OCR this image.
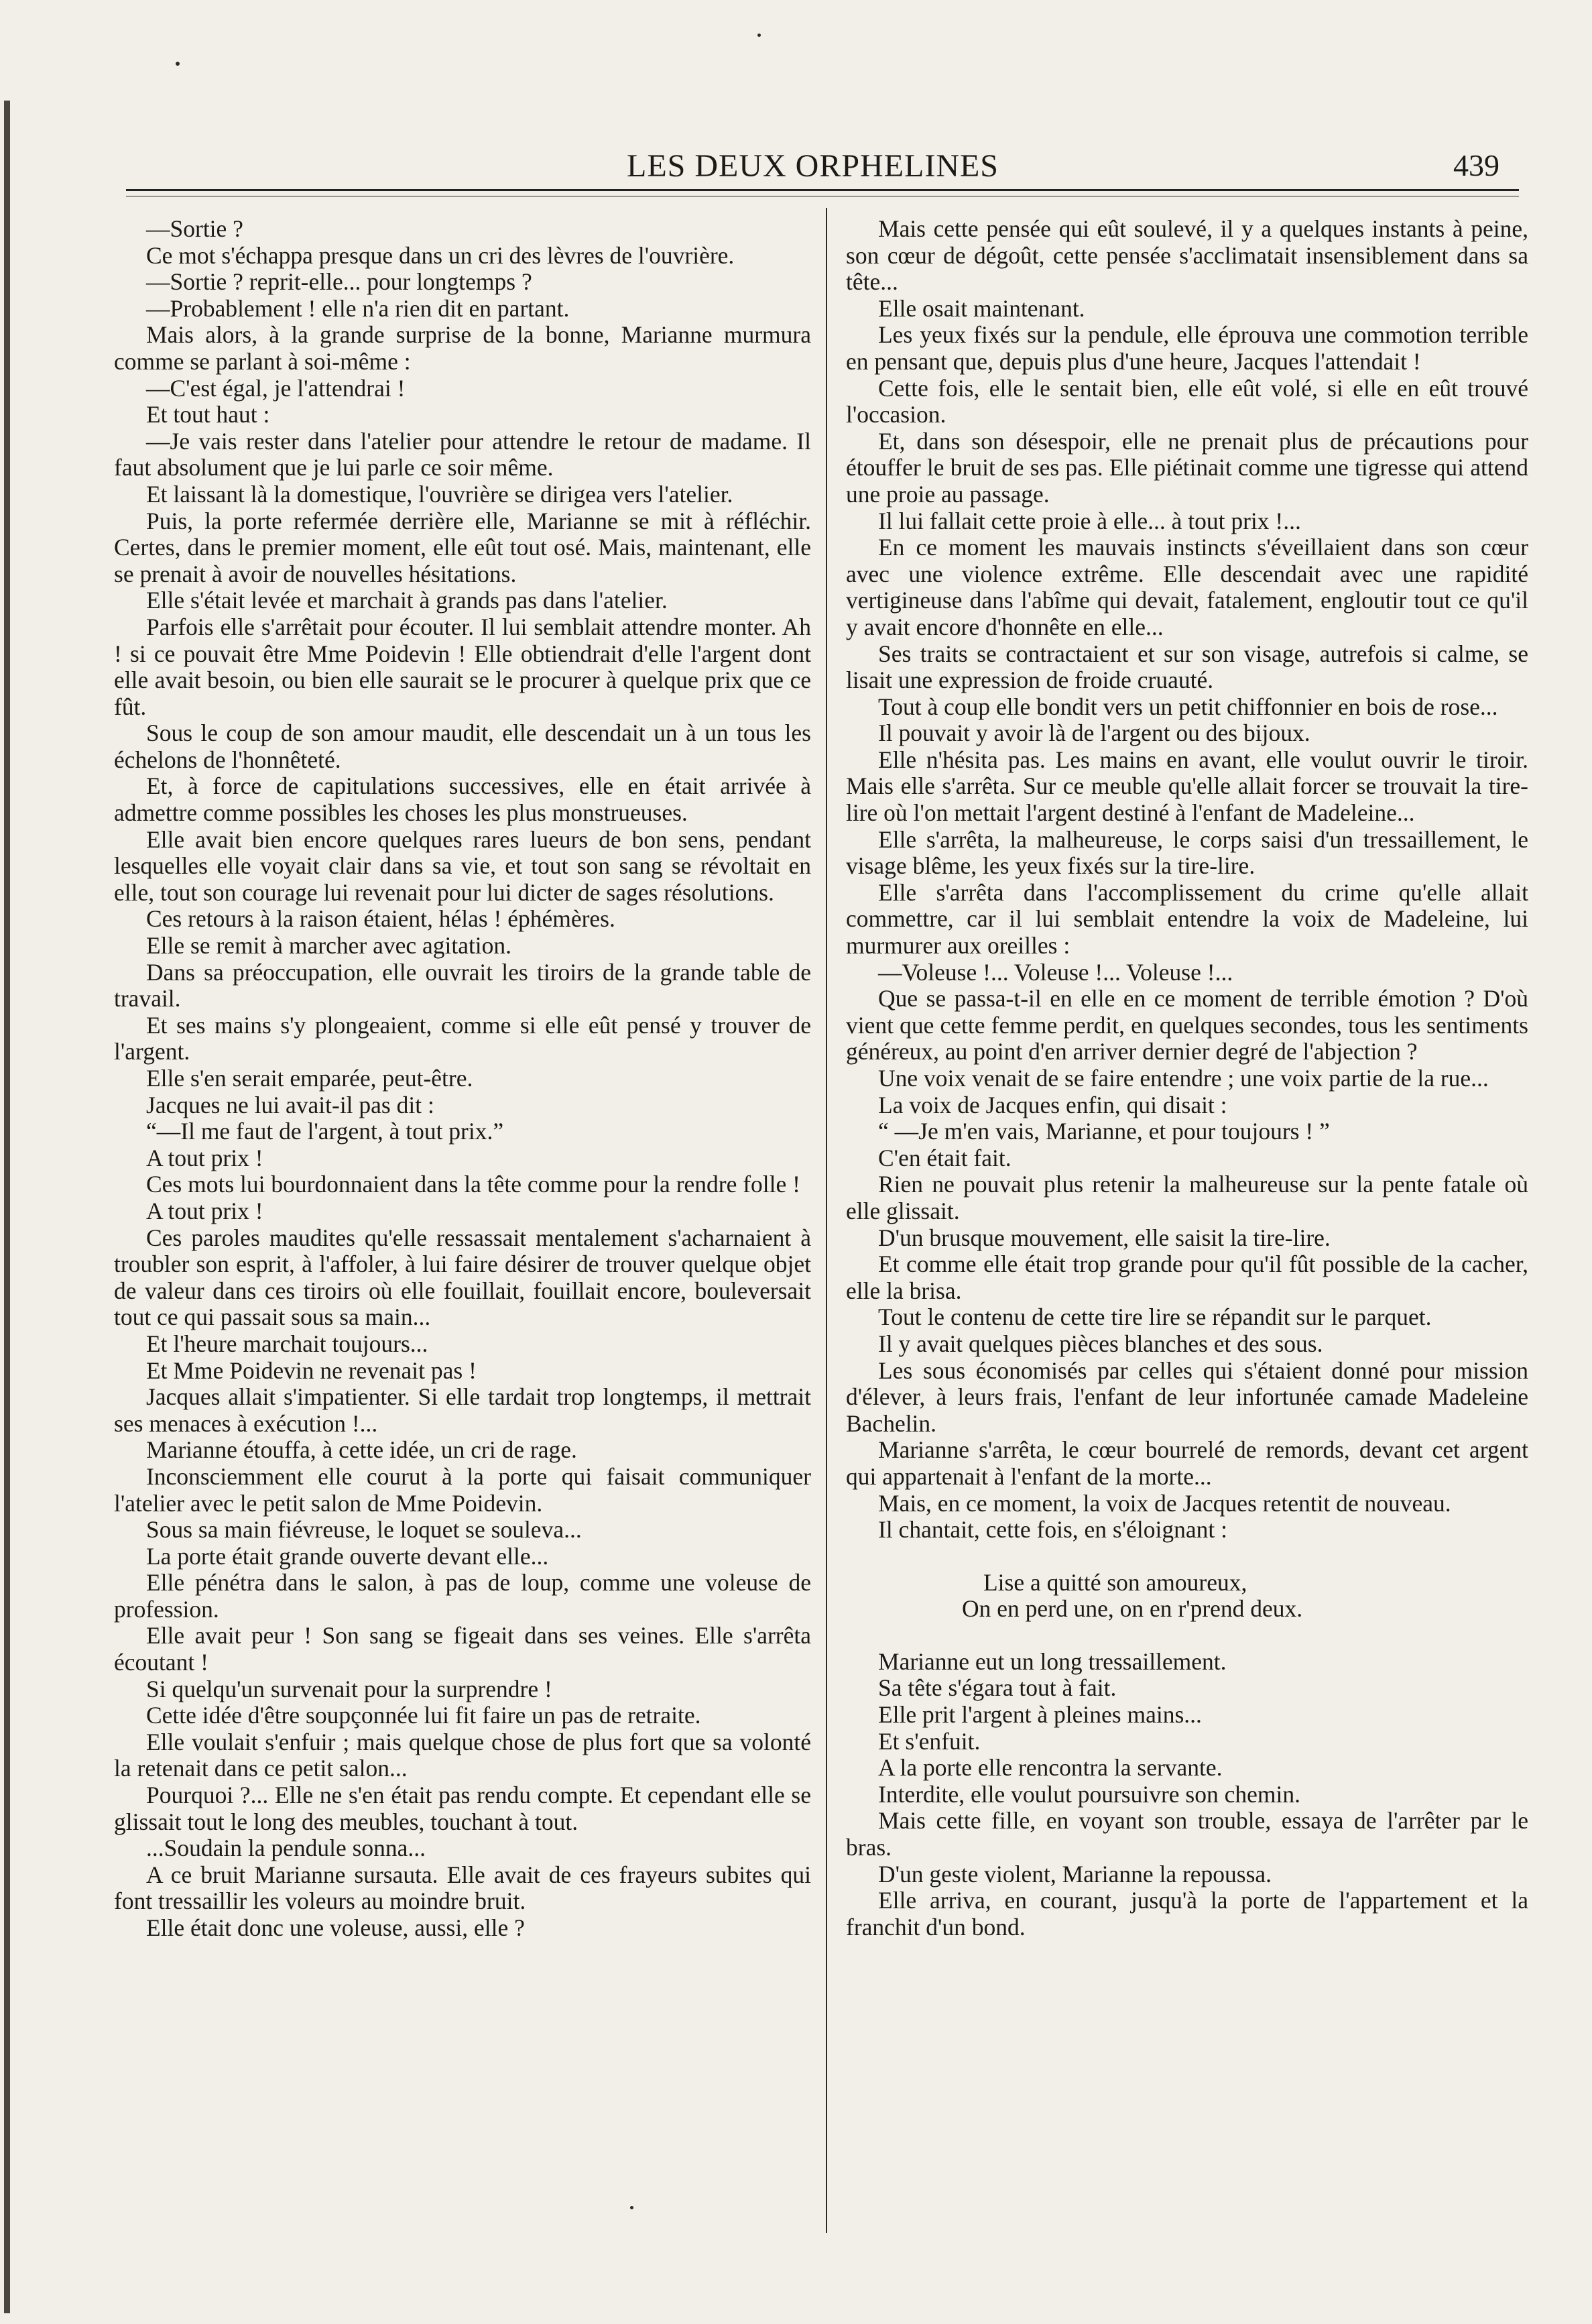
LES DEUX ORPHELINES	439

—Sortie ?

Ce mot s'échappa presque dans un cri des lèvres de l'ouvrière.

—Sortie ? reprit-elle... pour longtemps ?

—Probablement ! elle n'a rien dit en partant.

Mais alors, à la grande surprise de la bonne, Marianne murmura comme se parlant à soi-même :

—C'est égal, je l'attendrai !

Et tout haut :

—Je vais rester dans l'atelier pour attendre le retour de madame. Il faut absolument que je lui parle ce soir même.

Et laissant là la domestique, l'ouvrière se dirigea vers l'atelier.

Puis, la porte refermée derrière elle, Marianne se mit à réfléchir. Certes, dans le premier moment, elle eût tout osé. Mais, maintenant, elle se prenait à avoir de nouvelles hésitations.

Elle s'était levée et marchait à grands pas dans l'atelier.

Parfois elle s'arrêtait pour écouter. Il lui semblait attendre monter. Ah ! si ce pouvait être Mme Poidevin ! Elle obtiendrait d'elle l'argent dont elle avait besoin, ou bien elle saurait se le procurer à quelque prix que ce fût.

Sous le coup de son amour maudit, elle descendait un à un tous les échelons de l'honnêteté.

Et, à force de capitulations successives, elle en était arrivée à admettre comme possibles les choses les plus monstrueuses.

Elle avait bien encore quelques rares lueurs de bon sens, pendant lesquelles elle voyait clair dans sa vie, et tout son sang se révoltait en elle, tout son courage lui revenait pour lui dicter de sages résolutions.

Ces retours à la raison étaient, hélas ! éphémères.

Elle se remit à marcher avec agitation.

Dans sa préoccupation, elle ouvrait les tiroirs de la grande table de travail.

Et ses mains s'y plongeaient, comme si elle eût pensé y trouver de l'argent.

Elle s'en serait emparée, peut-être.

Jacques ne lui avait-il pas dit :

“—Il me faut de l'argent, à tout prix.”

A tout prix !

Ces mots lui bourdonnaient dans la tête comme pour la rendre folle !

A tout prix !

Ces paroles maudites qu'elle ressassait mentalement s'acharnaient à troubler son esprit, à l'affoler, à lui faire désirer de trouver quelque objet de valeur dans ces tiroirs où elle fouillait, fouillait encore, bouleversait tout ce qui passait sous sa main...

Et l'heure marchait toujours...

Et Mme Poidevin ne revenait pas !

Jacques allait s'impatienter. Si elle tardait trop longtemps, il mettrait ses menaces à exécution !...

Marianne étouffa, à cette idée, un cri de rage.

Inconsciemment elle courut à la porte qui faisait communiquer l'atelier avec le petit salon de Mme Poidevin.

Sous sa main fiévreuse, le loquet se souleva...

La porte était grande ouverte devant elle...

Elle pénétra dans le salon, à pas de loup, comme une voleuse de profession.

Elle avait peur ! Son sang se figeait dans ses veines. Elle s'arrêta écoutant !

Si quelqu'un survenait pour la surprendre !

Cette idée d'être soupçonnée lui fit faire un pas de retraite.

Elle voulait s'enfuir ; mais quelque chose de plus fort que sa volonté la retenait dans ce petit salon...

Pourquoi ?... Elle ne s'en était pas rendu compte. Et cependant elle se glissait tout le long des meubles, touchant à tout.

...Soudain la pendule sonna...

A ce bruit Marianne sursauta. Elle avait de ces frayeurs subites qui font tressaillir les voleurs au moindre bruit.

Elle était donc une voleuse, aussi, elle ?

Mais cette pensée qui eût soulevé, il y a quelques instants à peine, son cœur de dégoût, cette pensée s'acclimatait insensiblement dans sa tête...

Elle osait maintenant.

Les yeux fixés sur la pendule, elle éprouva une commotion terrible en pensant que, depuis plus d'une heure, Jacques l'attendait !

Cette fois, elle le sentait bien, elle eût volé, si elle en eût trouvé l'occasion.

Et, dans son désespoir, elle ne prenait plus de précautions pour étouffer le bruit de ses pas. Elle piétinait comme une tigresse qui attend une proie au passage.

Il lui fallait cette proie à elle... à tout prix !...

En ce moment les mauvais instincts s'éveillaient dans son cœur avec une violence extrême. Elle descendait avec une rapidité vertigineuse dans l'abîme qui devait, fatalement, engloutir tout ce qu'il y avait encore d'honnête en elle...

Ses traits se contractaient et sur son visage, autrefois si calme, se lisait une expression de froide cruauté.

Tout à coup elle bondit vers un petit chiffonnier en bois de rose...

Il pouvait y avoir là de l'argent ou des bijoux.

Elle n'hésita pas. Les mains en avant, elle voulut ouvrir le tiroir. Mais elle s'arrêta. Sur ce meuble qu'elle allait forcer se trouvait la tire-lire où l'on mettait l'argent destiné à l'enfant de Madeleine...

Elle s'arrêta, la malheureuse, le corps saisi d'un tressaillement, le visage blême, les yeux fixés sur la tire-lire.

Elle s'arrêta dans l'accomplissement du crime qu'elle allait commettre, car il lui semblait entendre la voix de Madeleine, lui murmurer aux oreilles :

—Voleuse !... Voleuse !... Voleuse !...

Que se passa-t-il en elle en ce moment de terrible émotion ? D'où vient que cette femme perdit, en quelques secondes, tous les sentiments généreux, au point d'en arriver dernier degré de l'abjection ?

Une voix venait de se faire entendre ; une voix partie de la rue...

La voix de Jacques enfin, qui disait :

“ —Je m'en vais, Marianne, et pour toujours ! ”

C'en était fait.

Rien ne pouvait plus retenir la malheureuse sur la pente fatale où elle glissait.

D'un brusque mouvement, elle saisit la tire-lire.

Et comme elle était trop grande pour qu'il fût possible de la cacher, elle la brisa.

Tout le contenu de cette tire lire se répandit sur le parquet.

Il y avait quelques pièces blanches et des sous.

Les sous économisés par celles qui s'étaient donné pour mission d'élever, à leurs frais, l'enfant de leur infortunée camade Madeleine Bachelin.

Marianne s'arrêta, le cœur bourrelé de remords, devant cet argent qui appartenait à l'enfant de la morte...

Mais, en ce moment, la voix de Jacques retentit de nouveau.

Il chantait, cette fois, en s'éloignant :

Lise a quitté son amoureux,

On en perd une, on en r'prend deux.

Marianne eut un long tressaillement.

Sa tête s'égara tout à fait.

Elle prit l'argent à pleines mains...

Et s'enfuit.

A la porte elle rencontra la servante.

Interdite, elle voulut poursuivre son chemin.

Mais cette fille, en voyant son trouble, essaya de l'arrêter par le bras.

D'un geste violent, Marianne la repoussa.

Elle arriva, en courant, jusqu'à la porte de l'appartement et la franchit d'un bond.
